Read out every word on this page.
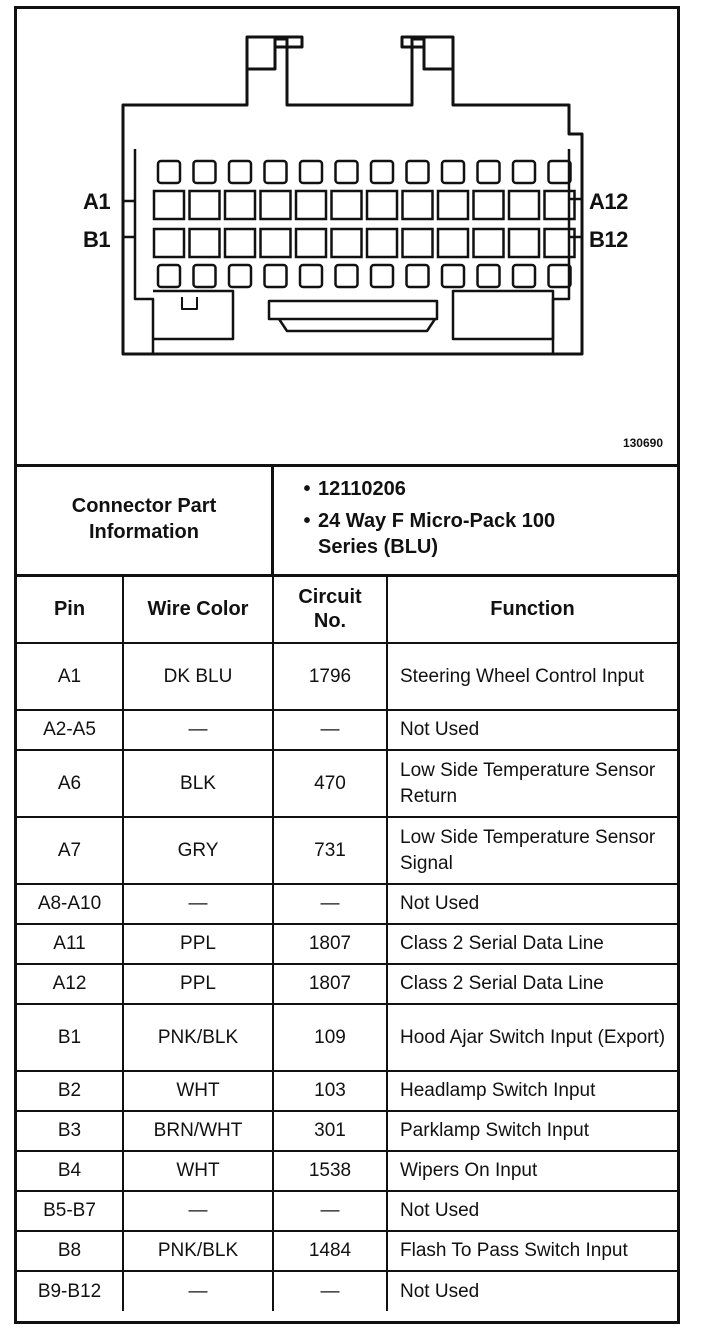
A1
B1
A12
B12
130690
Connector Part Information
• 12110206
• 24 Way F Micro-Pack 100 Series (BLU)
Pin	Wire Color	Circuit No.	Function
A1	DK BLU	1796	Steering Wheel Control Input
A2-A5	—	—	Not Used
A6	BLK	470	Low Side Temperature Sensor Return
A7	GRY	731	Low Side Temperature Sensor Signal
A8-A10	—	—	Not Used
A11	PPL	1807	Class 2 Serial Data Line
A12	PPL	1807	Class 2 Serial Data Line
B1	PNK/BLK	109	Hood Ajar Switch Input (Export)
B2	WHT	103	Headlamp Switch Input
B3	BRN/WHT	301	Parklamp Switch Input
B4	WHT	1538	Wipers On Input
B5-B7	—	—	Not Used
B8	PNK/BLK	1484	Flash To Pass Switch Input
B9-B12	—	—	Not Used
